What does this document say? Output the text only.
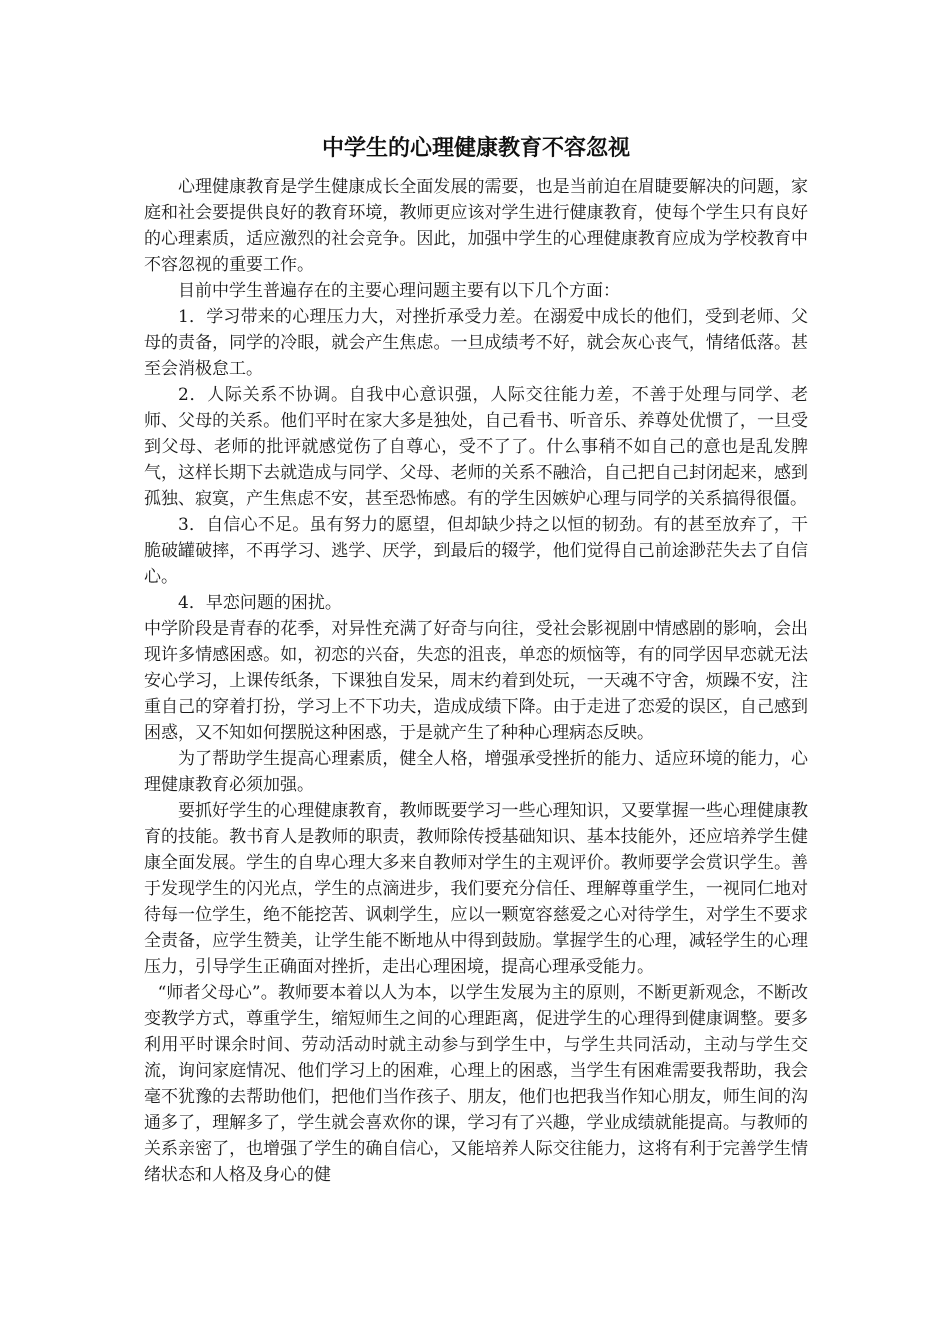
中学生的心理健康教育不容忽视

心理健康教育是学生健康成长全面发展的需要，也是当前迫在眉睫要解决的问题，家庭和社会要提供良好的教育环境，教师更应该对学生进行健康教育，使每个学生只有良好的心理素质，适应激烈的社会竞争。因此，加强中学生的心理健康教育应成为学校教育中不容忽视的重要工作。

目前中学生普遍存在的主要心理问题主要有以下几个方面：

1．学习带来的心理压力大，对挫折承受力差。在溺爱中成长的他们，受到老师、父母的责备，同学的冷眼，就会产生焦虑。一旦成绩考不好，就会灰心丧气，情绪低落。甚至会消极怠工。

2．人际关系不协调。自我中心意识强，人际交往能力差，不善于处理与同学、老师、父母的关系。他们平时在家大多是独处，自己看书、听音乐、养尊处优惯了，一旦受到父母、老师的批评就感觉伤了自尊心，受不了了。什么事稍不如自己的意也是乱发脾气，这样长期下去就造成与同学、父母、老师的关系不融洽，自己把自己封闭起来，感到孤独、寂寞，产生焦虑不安，甚至恐怖感。有的学生因嫉妒心理与同学的关系搞得很僵。

3．自信心不足。虽有努力的愿望，但却缺少持之以恒的韧劲。有的甚至放弃了，干脆破罐破摔，不再学习、逃学、厌学，到最后的辍学，他们觉得自己前途渺茫失去了自信心。

4．早恋问题的困扰。

中学阶段是青春的花季，对异性充满了好奇与向往，受社会影视剧中情感剧的影响，会出现许多情感困惑。如，初恋的兴奋，失恋的沮丧，单恋的烦恼等，有的同学因早恋就无法安心学习，上课传纸条，下课独自发呆，周末约着到处玩，一天魂不守舍，烦躁不安，注重自己的穿着打扮，学习上不下功夫，造成成绩下降。由于走进了恋爱的误区，自己感到困惑，又不知如何摆脱这种困惑，于是就产生了种种心理病态反映。

为了帮助学生提高心理素质，健全人格，增强承受挫折的能力、适应环境的能力，心理健康教育必须加强。

要抓好学生的心理健康教育，教师既要学习一些心理知识，又要掌握一些心理健康教育的技能。教书育人是教师的职责，教师除传授基础知识、基本技能外，还应培养学生健康全面发展。学生的自卑心理大多来自教师对学生的主观评价。教师要学会赏识学生。善于发现学生的闪光点，学生的点滴进步，我们要充分信任、理解尊重学生，一视同仁地对待每一位学生，绝不能挖苦、讽刺学生，应以一颗宽容慈爱之心对待学生，对学生不要求全责备，应学生赞美，让学生能不断地从中得到鼓励。掌握学生的心理，减轻学生的心理压力，引导学生正确面对挫折，走出心理困境，提高心理承受能力。

“师者父母心”。教师要本着以人为本，以学生发展为主的原则，不断更新观念，不断改变教学方式，尊重学生，缩短师生之间的心理距离，促进学生的心理得到健康调整。要多利用平时课余时间、劳动活动时就主动参与到学生中，与学生共同活动，主动与学生交流，询问家庭情况、他们学习上的困难，心理上的困惑，当学生有困难需要我帮助，我会毫不犹豫的去帮助他们，把他们当作孩子、朋友，他们也把我当作知心朋友，师生间的沟通多了，理解多了，学生就会喜欢你的课，学习有了兴趣，学业成绩就能提高。与教师的关系亲密了，也增强了学生的确自信心，又能培养人际交往能力，这将有利于完善学生情绪状态和人格及身心的健
